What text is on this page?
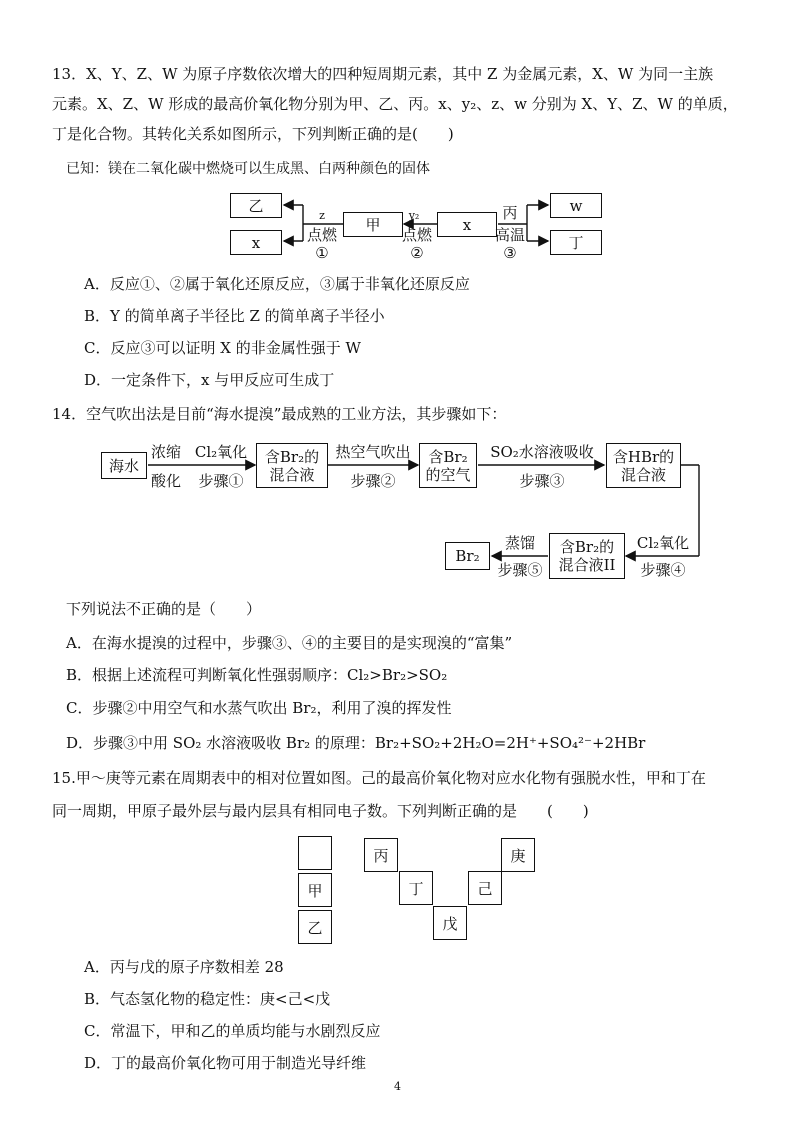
13．X、Y、Z、W 为原子序数依次增大的四种短周期元素，其中 Z 为金属元素，X、W 为同一主族
元素。X、Z、W 形成的最高价氧化物分别为甲、乙、丙。x、y₂、z、w 分别为 X、Y、Z、W 的单质，
丁是化合物。其转化关系如图所示，下列判断正确的是(　　)
已知：镁在二氧化碳中燃烧可以生成黑、白两种颜色的固体
乙
x
甲	x
w
丁
z
点燃
①
y₂
点燃
②
丙
高温
③
A．反应①、②属于氧化还原反应，③属于非氧化还原反应
B．Y 的简单离子半径比 Z 的简单离子半径小
C．反应③可以证明 X 的非金属性强于 W
D．一定条件下，x 与甲反应可生成丁
14．空气吹出法是目前“海水提溴”最成熟的工业方法，其步骤如下：
海水
浓缩
酸化
Cl₂氧化
步骤①
含Br₂的
混合液
热空气吹出
步骤②
含Br₂
的空气
SO₂水溶液吸收
步骤③
含HBr的
混合液
Cl₂氧化
步骤④
含Br₂的
混合液II
蒸馏
步骤⑤
Br₂
下列说法不正确的是（　　）
A．在海水提溴的过程中，步骤③、④的主要目的是实现溴的“富集”
B．根据上述流程可判断氧化性强弱顺序：Cl₂>Br₂>SO₂
C．步骤②中用空气和水蒸气吹出 Br₂，利用了溴的挥发性
D．步骤③中用 SO₂ 水溶液吸收 Br₂ 的原理：Br₂+SO₂+2H₂O=2H⁺+SO₄²⁻+2HBr
15.甲～庚等元素在周期表中的相对位置如图。己的最高价氧化物对应水化物有强脱水性，甲和丁在
同一周期，甲原子最外层与最内层具有相同电子数。下列判断正确的是　　(　　)
甲
乙
丙
丁
戊
己
庚
A．丙与戊的原子序数相差 28
B．气态氢化物的稳定性：庚<己<戊
C．常温下，甲和乙的单质均能与水剧烈反应
D．丁的最高价氧化物可用于制造光导纤维
4
